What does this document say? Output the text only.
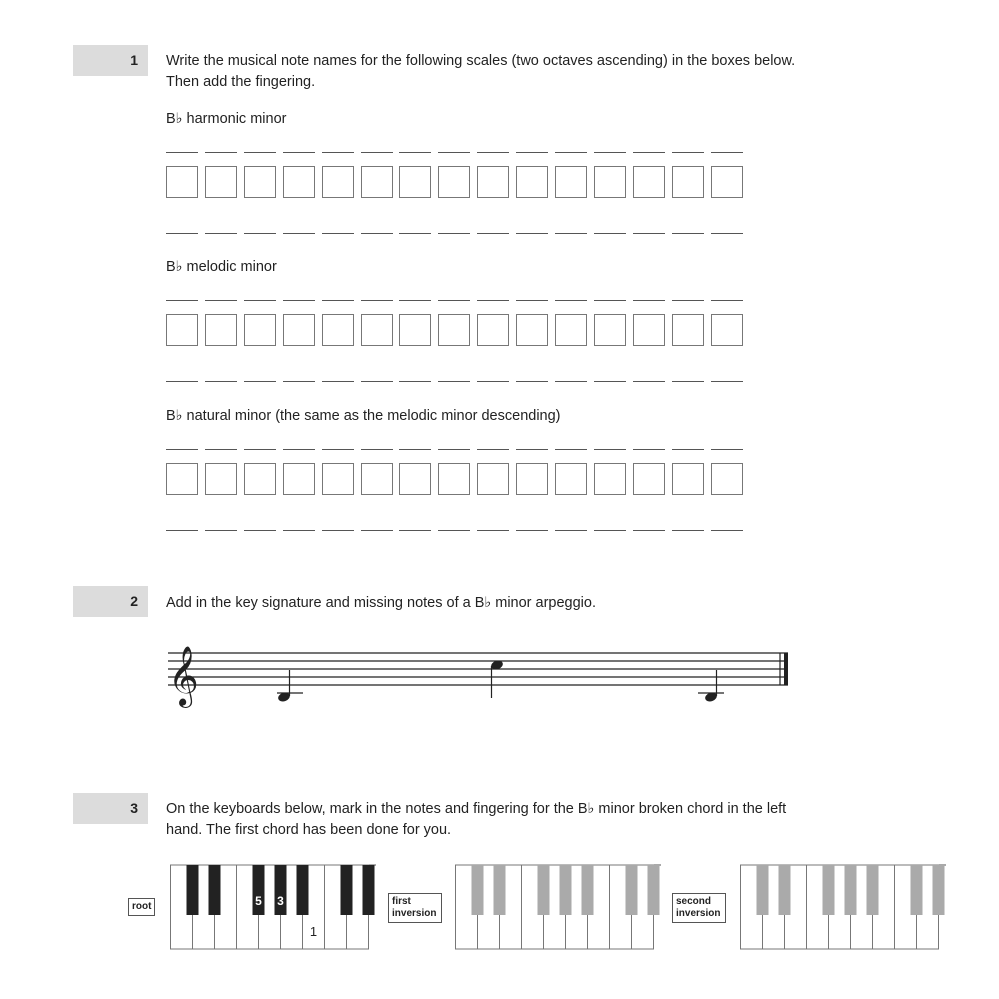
1	Write the musical note names for the following scales (two octaves ascending) in the boxes below. Then add the fingering.
B♭ harmonic minor
B♭ melodic minor
B♭ natural minor (the same as the melodic minor descending)
2	Add in the key signature and missing notes of a B♭ minor arpeggio.
𝄞
3	On the keyboards below, mark in the notes and fingering for the B♭ minor broken chord in the left hand. The first chord has been done for you.
root
1
5 3	first inversion
second inversion
